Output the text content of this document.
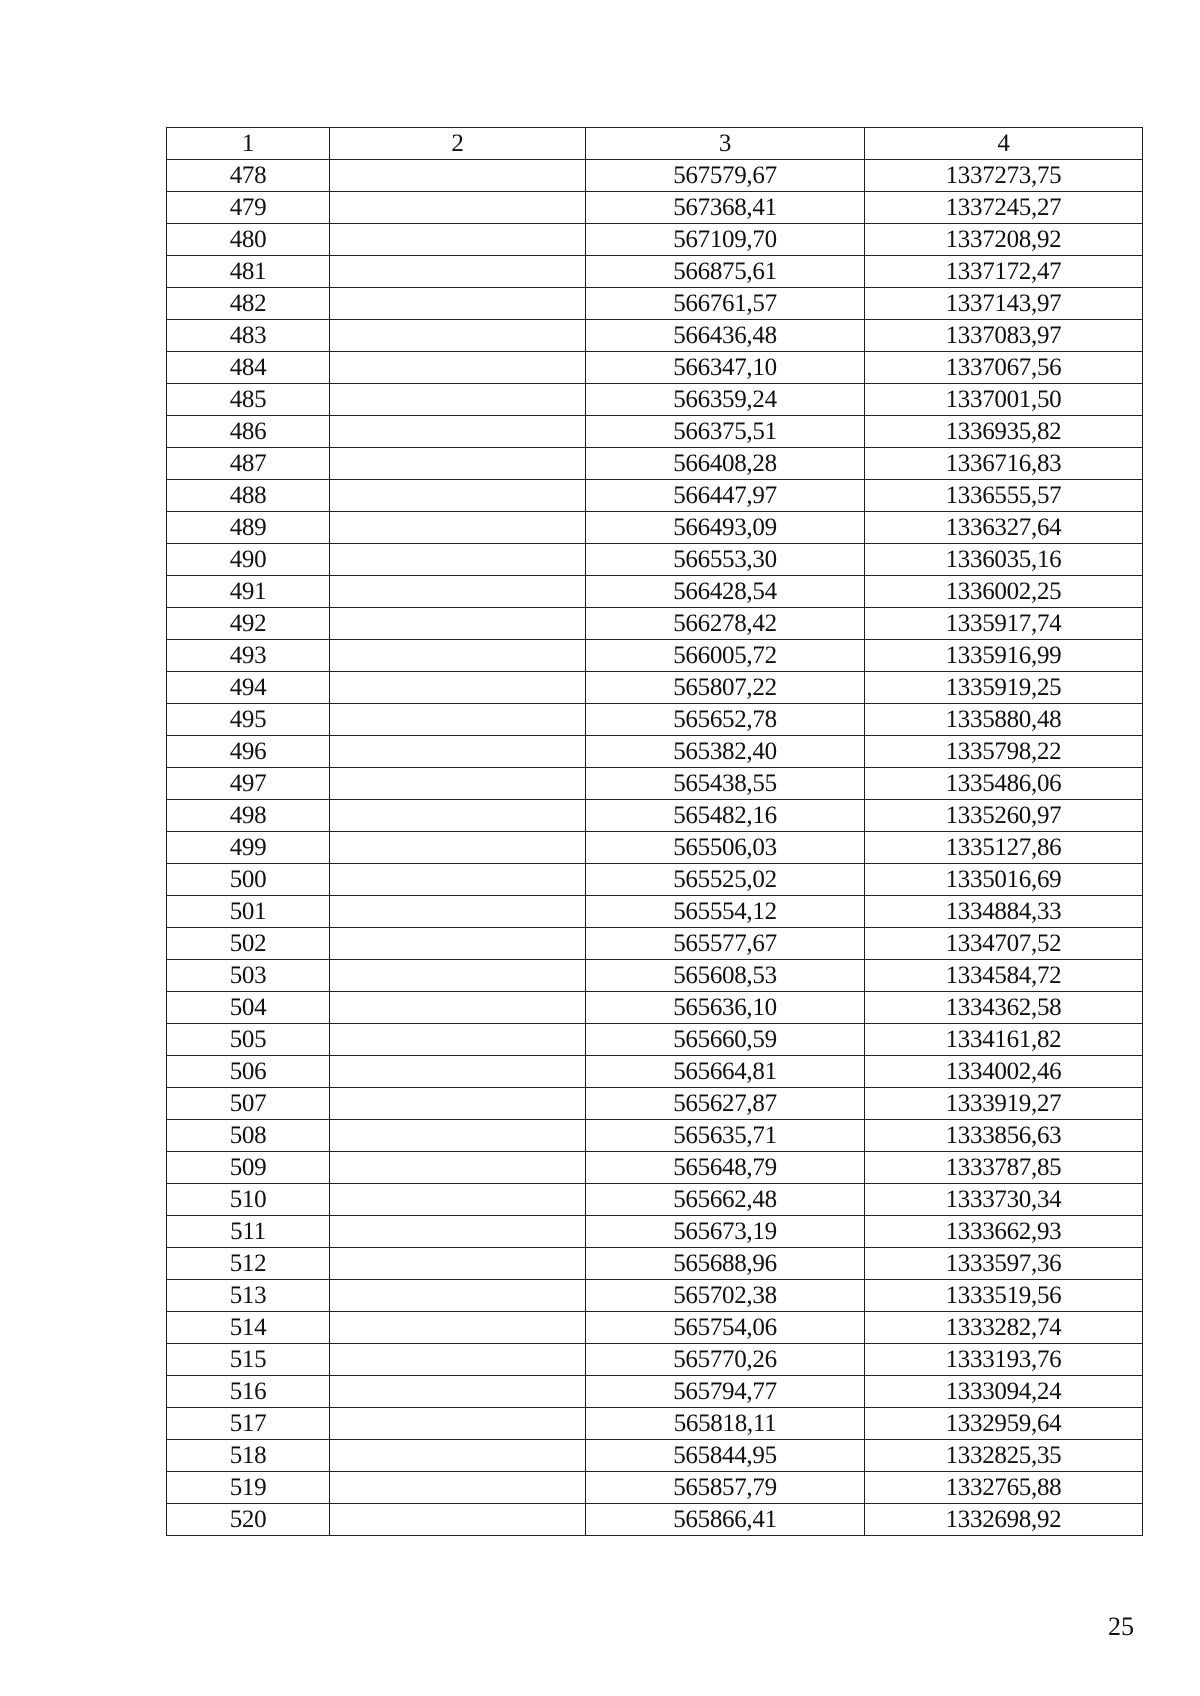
1	2	3	4
478		567579,67	1337273,75
479		567368,41	1337245,27
480		567109,70	1337208,92
481		566875,61	1337172,47
482		566761,57	1337143,97
483		566436,48	1337083,97
484		566347,10	1337067,56
485		566359,24	1337001,50
486		566375,51	1336935,82
487		566408,28	1336716,83
488		566447,97	1336555,57
489		566493,09	1336327,64
490		566553,30	1336035,16
491		566428,54	1336002,25
492		566278,42	1335917,74
493		566005,72	1335916,99
494		565807,22	1335919,25
495		565652,78	1335880,48
496		565382,40	1335798,22
497		565438,55	1335486,06
498		565482,16	1335260,97
499		565506,03	1335127,86
500		565525,02	1335016,69
501		565554,12	1334884,33
502		565577,67	1334707,52
503		565608,53	1334584,72
504		565636,10	1334362,58
505		565660,59	1334161,82
506		565664,81	1334002,46
507		565627,87	1333919,27
508		565635,71	1333856,63
509		565648,79	1333787,85
510		565662,48	1333730,34
511		565673,19	1333662,93
512		565688,96	1333597,36
513		565702,38	1333519,56
514		565754,06	1333282,74
515		565770,26	1333193,76
516		565794,77	1333094,24
517		565818,11	1332959,64
518		565844,95	1332825,35
519		565857,79	1332765,88
520		565866,41	1332698,92
25
